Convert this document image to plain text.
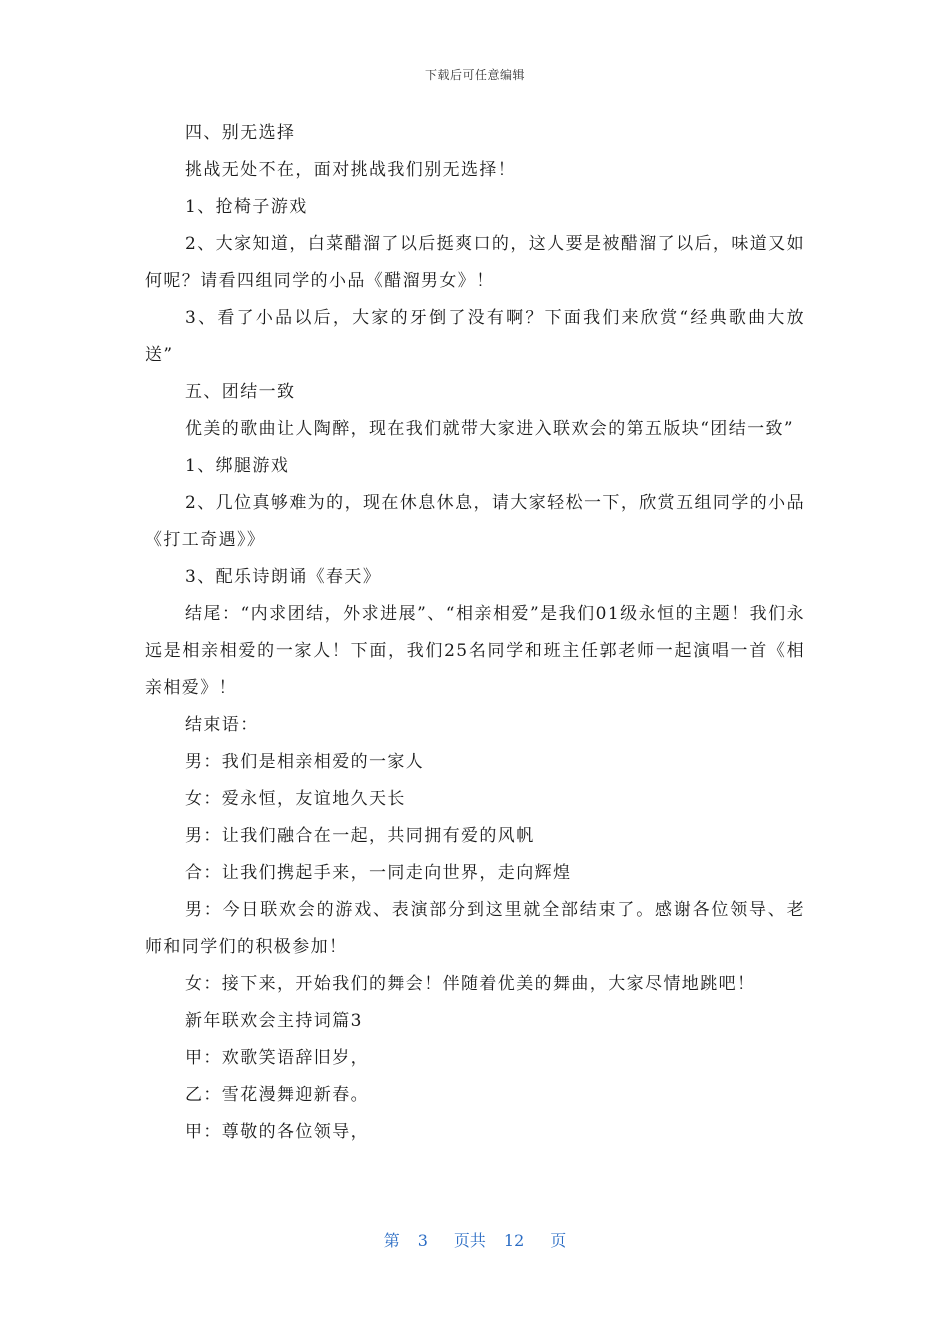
下载后可任意编辑

四、别无选择

挑战无处不在，面对挑战我们别无选择！

1、抢椅子游戏

2、大家知道，白菜醋溜了以后挺爽口的，这人要是被醋溜了以后，味道又如何呢？请看四组同学的小品《醋溜男女》！

3、看了小品以后，大家的牙倒了没有啊？下面我们来欣赏“经典歌曲大放送”

五、团结一致

优美的歌曲让人陶醉，现在我们就带大家进入联欢会的第五版块“团结一致”

1、绑腿游戏

2、几位真够难为的，现在休息休息，请大家轻松一下，欣赏五组同学的小品《打工奇遇》》

3、配乐诗朗诵《春天》

结尾：“内求团结，外求进展”、“相亲相爱”是我们01级永恒的主题！我们永远是相亲相爱的一家人！下面，我们25名同学和班主任郭老师一起演唱一首《相亲相爱》！

结束语：

男：我们是相亲相爱的一家人

女：爱永恒，友谊地久天长

男：让我们融合在一起，共同拥有爱的风帆

合：让我们携起手来，一同走向世界，走向辉煌

男：今日联欢会的游戏、表演部分到这里就全部结束了。感谢各位领导、老师和同学们的积极参加！

女：接下来，开始我们的舞会！伴随着优美的舞曲，大家尽情地跳吧！

新年联欢会主持词篇3

甲：欢歌笑语辞旧岁，

乙：雪花漫舞迎新春。

甲：尊敬的各位领导，

第 3 页共 12 页
